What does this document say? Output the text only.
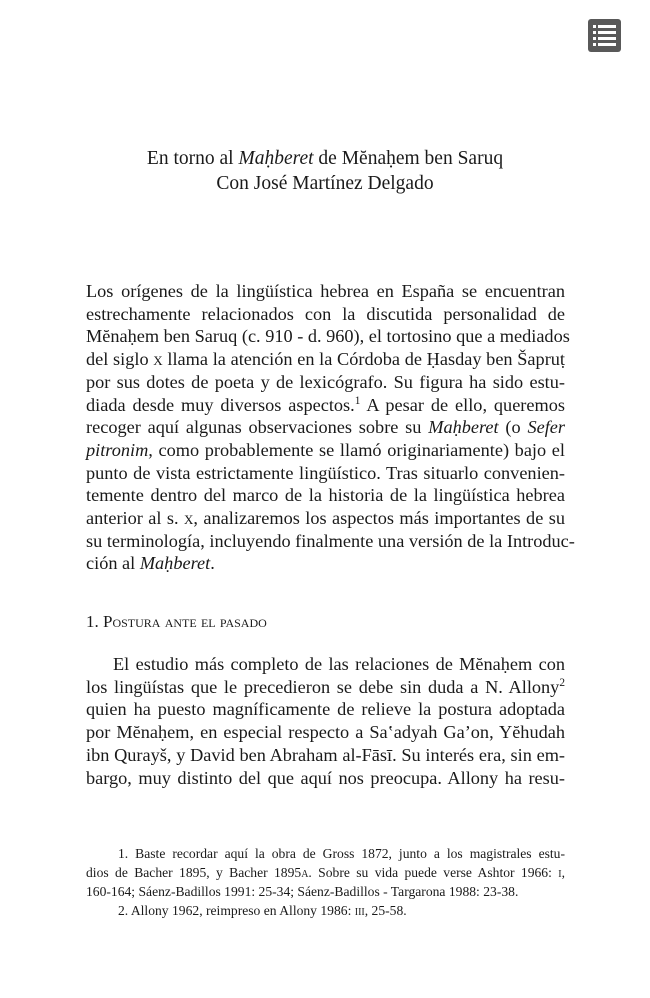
En torno al Maḥberet de Mĕnaḥem ben Saruq
Con José Martínez Delgado
Los orígenes de la lingüística hebrea en España se encuentran
estrechamente relacionados con la discutida personalidad de
Mĕnaḥem ben Saruq (c. 910 - d. 960), el tortosino que a mediados
del siglo x llama la atención en la Córdoba de Ḥasday ben Šapruṭ
por sus dotes de poeta y de lexicógrafo. Su figura ha sido estu-
diada desde muy diversos aspectos.$^1$ A pesar de ello, queremos
recoger aquí algunas observaciones sobre su Maḥberet (o Sefer
pitronim, como probablemente se llamó originariamente) bajo el
punto de vista estrictamente lingüístico. Tras situarlo convenien-
temente dentro del marco de la historia de la lingüística hebrea
anterior al s. x, analizaremos los aspectos más importantes de su
su terminología, incluyendo finalmente una versión de la Introduc-
ción al Maḥberet.
1. Postura ante el pasado
El estudio más completo de las relaciones de Mĕnaḥem con
los lingüístas que le precedieron se debe sin duda a N. Allony$^2$
quien ha puesto magníficamente de relieve la postura adoptada
por Mĕnaḥem, en especial respecto a Saʽadyah Gaʼon, Yĕhudah
ibn Qurayš, y David ben Abraham al-Fāsī. Su interés era, sin em-
bargo, muy distinto del que aquí nos preocupa. Allony ha resu-
1. Baste recordar aquí la obra de Gross 1872, junto a los magistrales estu-
dios de Bacher 1895, y Bacher 1895a. Sobre su vida puede verse Ashtor 1966: i,
160-164; Sáenz-Badillos 1991: 25-34; Sáenz-Badillos - Targarona 1988: 23-38.
2. Allony 1962, reimpreso en Allony 1986: iii, 25-58.
